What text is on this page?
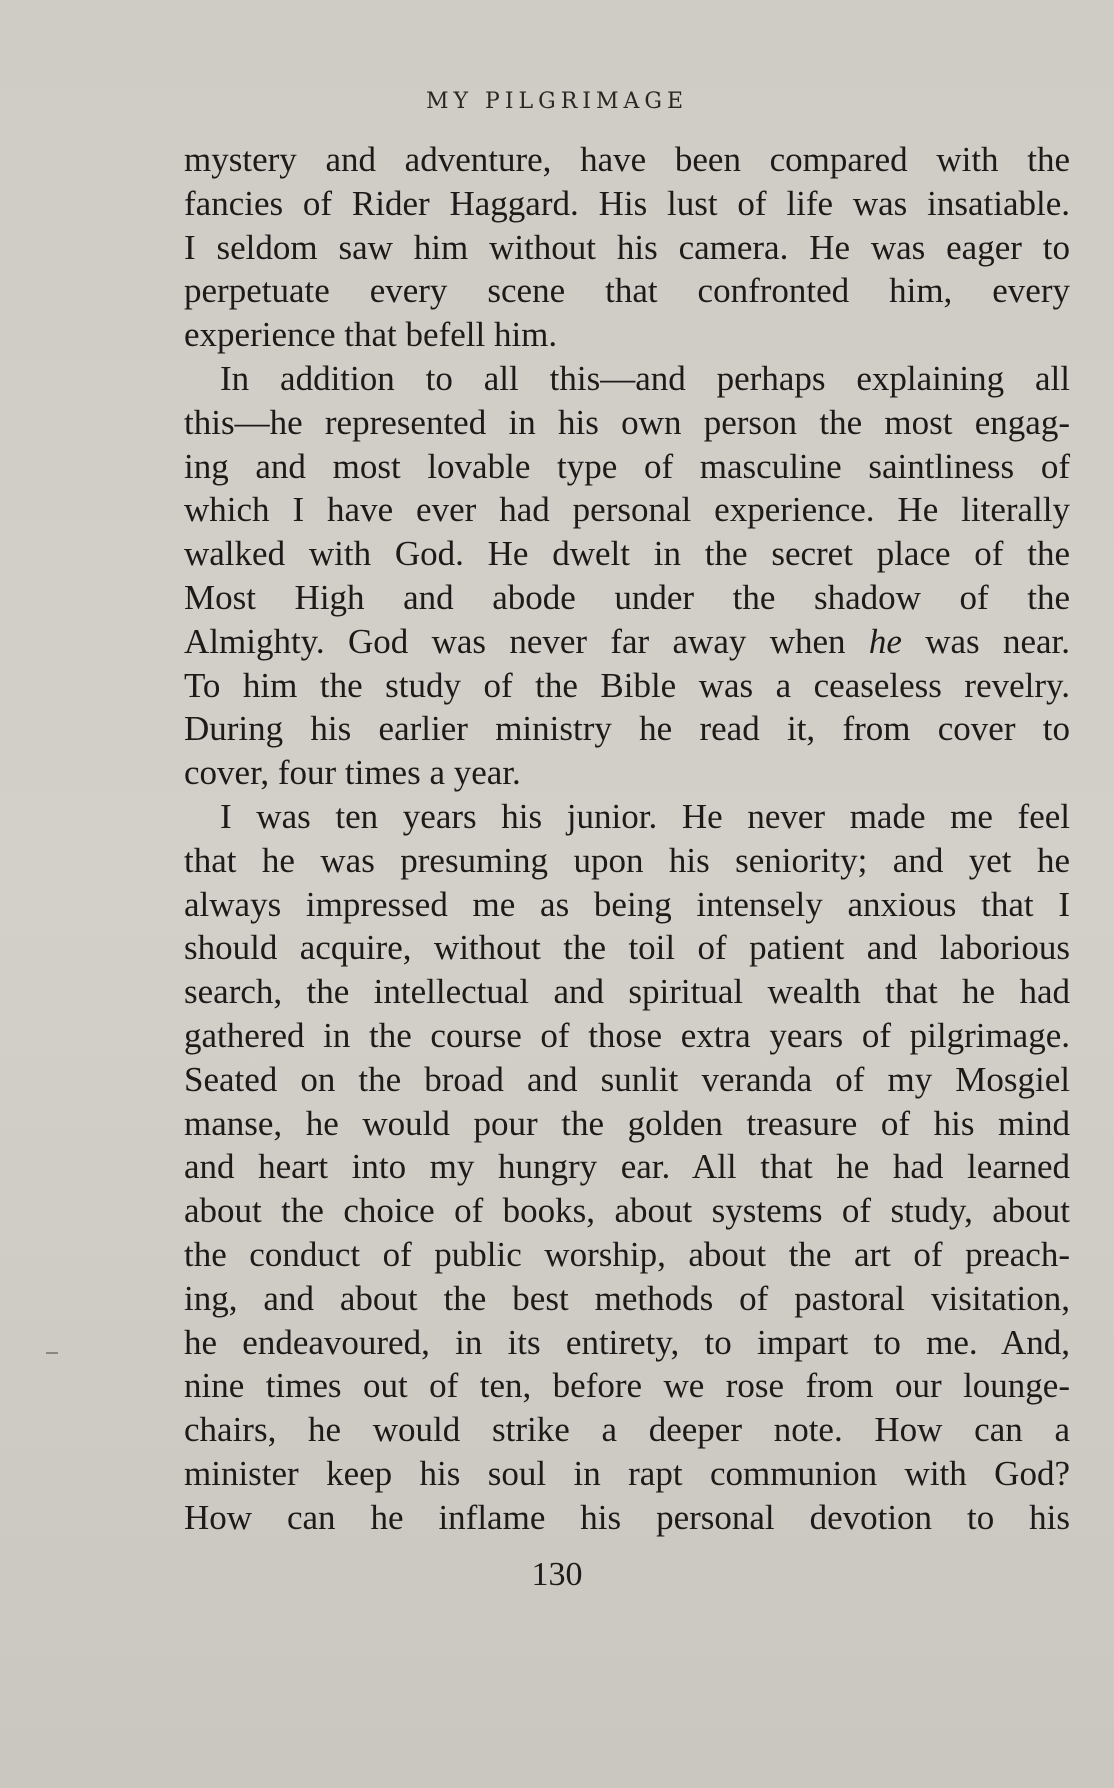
MY PILGRIMAGE
mystery and adventure, have been compared with the
fancies of Rider Haggard. His lust of life was insatiable.
I seldom saw him without his camera. He was eager to
perpetuate every scene that confronted him, every
experience that befell him.
In addition to all this—and perhaps explaining all
this—he represented in his own person the most engag-
ing and most lovable type of masculine saintliness of
which I have ever had personal experience. He literally
walked with God. He dwelt in the secret place of the
Most High and abode under the shadow of the
Almighty. God was never far away when he was near.
To him the study of the Bible was a ceaseless revelry.
During his earlier ministry he read it, from cover to
cover, four times a year.
I was ten years his junior. He never made me feel
that he was presuming upon his seniority; and yet he
always impressed me as being intensely anxious that I
should acquire, without the toil of patient and laborious
search, the intellectual and spiritual wealth that he had
gathered in the course of those extra years of pilgrimage.
Seated on the broad and sunlit veranda of my Mosgiel
manse, he would pour the golden treasure of his mind
and heart into my hungry ear. All that he had learned
about the choice of books, about systems of study, about
the conduct of public worship, about the art of preach-
ing, and about the best methods of pastoral visitation,
he endeavoured, in its entirety, to impart to me. And,
nine times out of ten, before we rose from our lounge-
chairs, he would strike a deeper note. How can a
minister keep his soul in rapt communion with God?
How can he inflame his personal devotion to his
130
